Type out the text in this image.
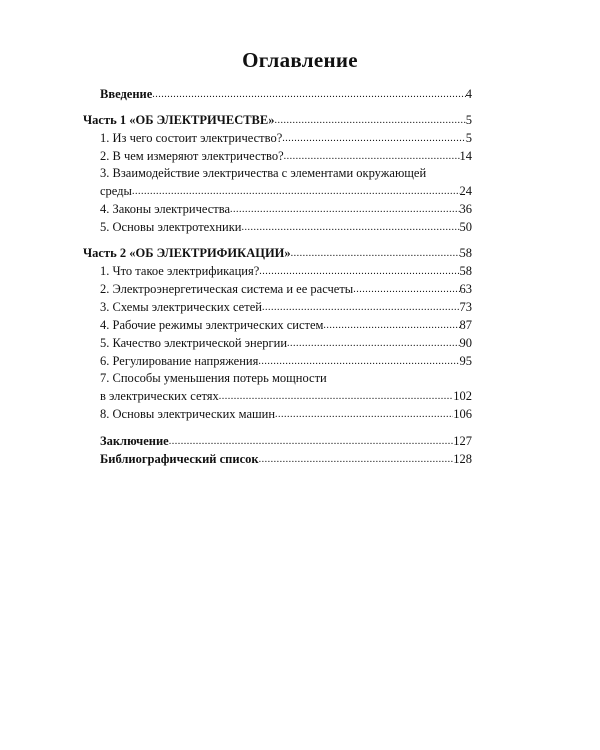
Оглавление
Введение .....	4
Часть 1 «ОБ ЭЛЕКТРИЧЕСТВЕ» .....	5
1. Из чего состоит электричество? .....	5
2. В чем измеряют электричество? .....	14
3. Взаимодействие электричества с элементами окружающей
среды .....	24
4. Законы электричества .....	36
5. Основы электротехники .....	50
Часть 2 «ОБ ЭЛЕКТРИФИКАЦИИ» .....	58
1. Что такое электрификация? .....	58
2. Электроэнергетическая система и ее расчеты .....	63
3. Схемы электрических сетей .....	73
4. Рабочие режимы электрических систем .....	87
5. Качество электрической энергии .....	90
6. Регулирование напряжения .....	95
7. Способы уменьшения потерь мощности
в электрических сетях .....	102
8. Основы электрических машин .....	106
Заключение .....	127
Библиографический список .....	128
